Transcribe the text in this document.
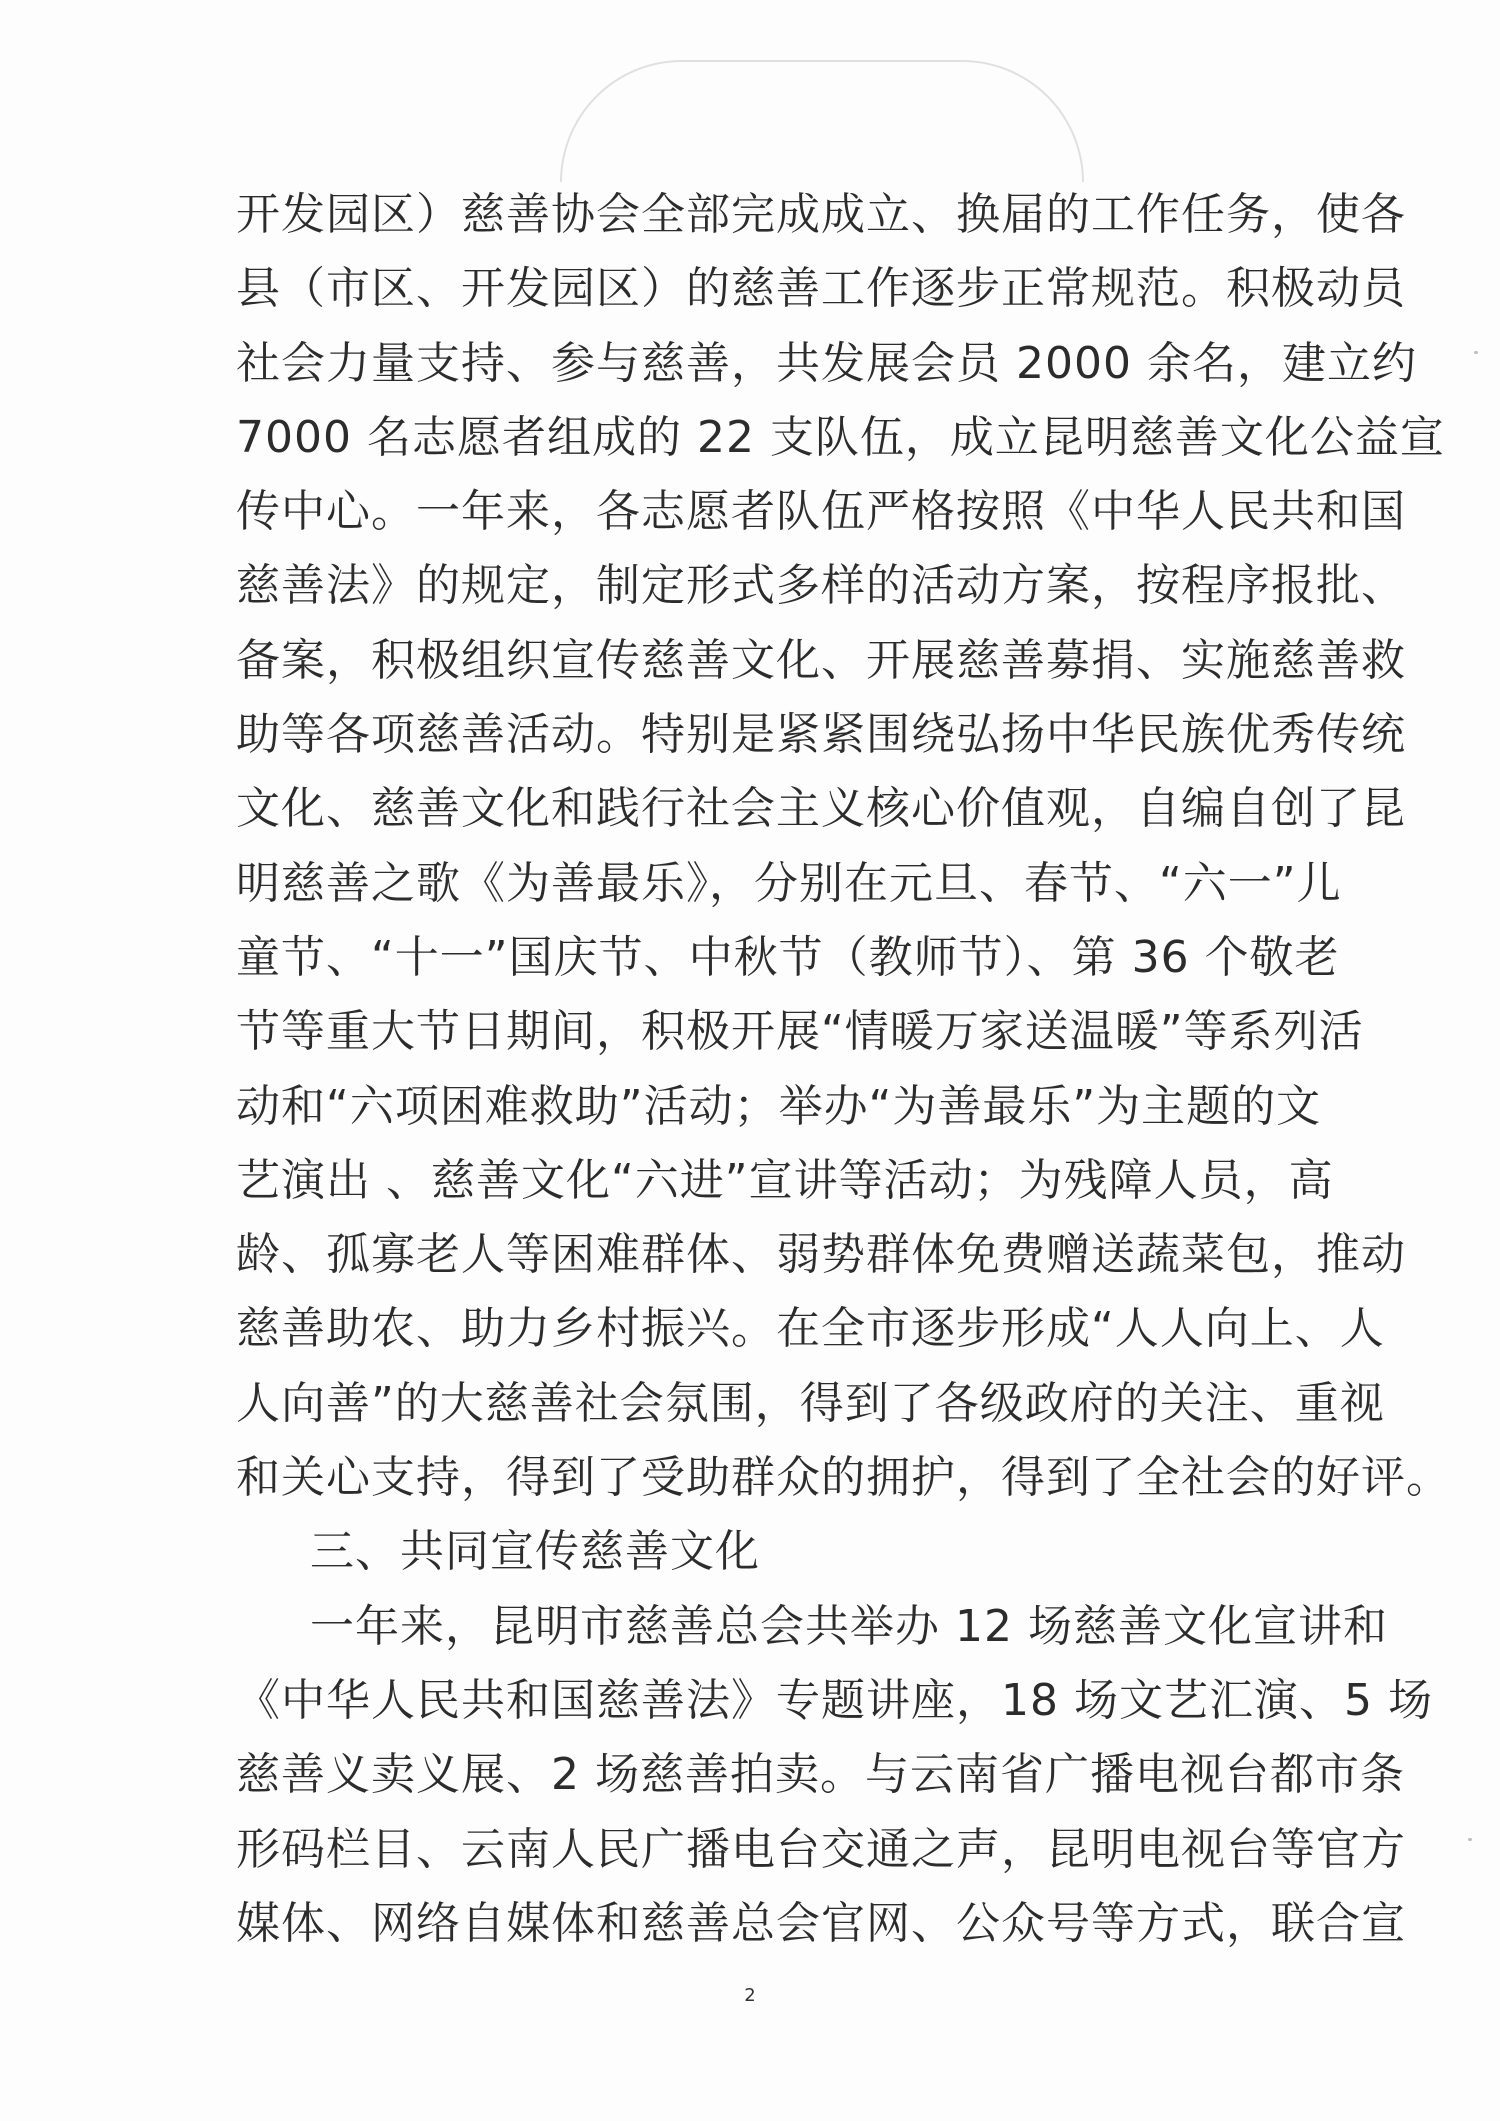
开发园区）慈善协会全部完成成立、换届的工作任务，使各
县（市区、开发园区）的慈善工作逐步正常规范。积极动员
社会力量支持、参与慈善，共发展会员 2000 余名，建立约
7000 名志愿者组成的 22 支队伍，成立昆明慈善文化公益宣
传中心。一年来，各志愿者队伍严格按照《中华人民共和国
慈善法》的规定，制定形式多样的活动方案，按程序报批、
备案，积极组织宣传慈善文化、开展慈善募捐、实施慈善救
助等各项慈善活动。特别是紧紧围绕弘扬中华民族优秀传统
文化、慈善文化和践行社会主义核心价值观，自编自创了昆
明慈善之歌《为善最乐》，分别在元旦、春节、“六一”儿
童节、“十一”国庆节、中秋节（教师节）、第 36 个敬老
节等重大节日期间，积极开展“情暖万家送温暖”等系列活
动和“六项困难救助”活动；举办“为善最乐”为主题的文
艺演出 、慈善文化“六进”宣讲等活动；为残障人员，高
龄、孤寡老人等困难群体、弱势群体免费赠送蔬菜包，推动
慈善助农、助力乡村振兴。在全市逐步形成“人人向上、人
人向善”的大慈善社会氛围，得到了各级政府的关注、重视
和关心支持，得到了受助群众的拥护，得到了全社会的好评。
三、共同宣传慈善文化
一年来，昆明市慈善总会共举办 12 场慈善文化宣讲和
《中华人民共和国慈善法》专题讲座，18 场文艺汇演、5 场
慈善义卖义展、2 场慈善拍卖。与云南省广播电视台都市条
形码栏目、云南人民广播电台交通之声，昆明电视台等官方
媒体、网络自媒体和慈善总会官网、公众号等方式，联合宣
2
